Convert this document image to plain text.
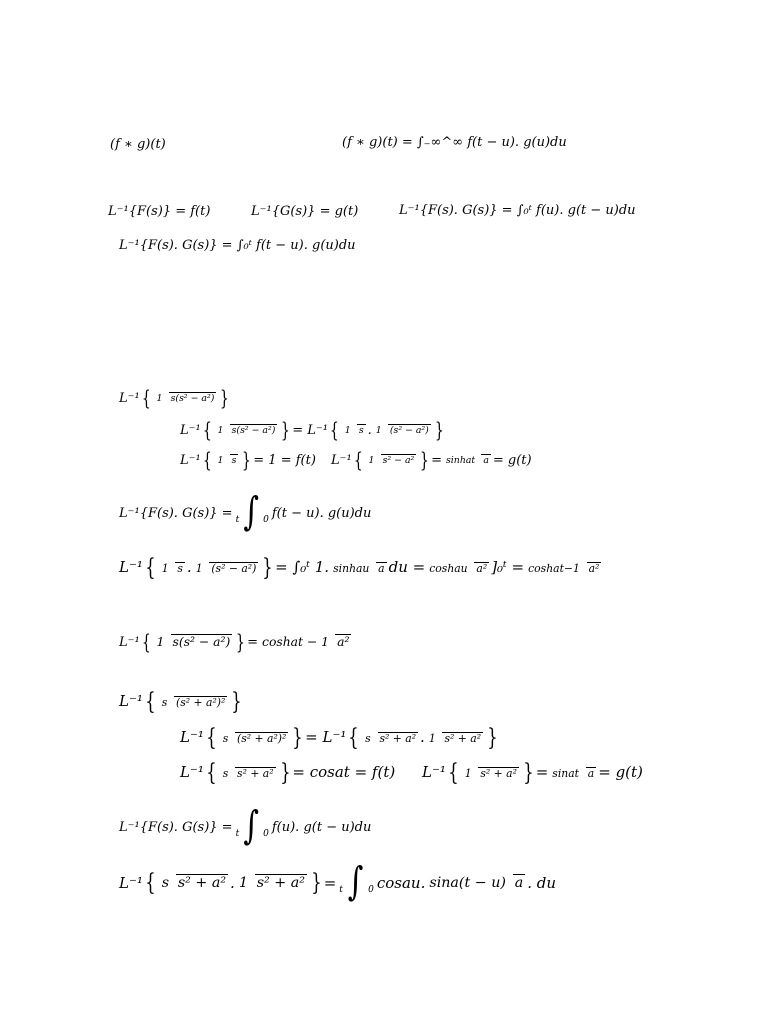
(𝑓 ∗ 𝑔)(𝑡)	(𝑓 ∗ 𝑔)(𝑡) = ∫₋∞^∞ 𝑓(𝑡 − 𝑢). 𝑔(𝑢)𝑑𝑢
𝐿⁻¹{𝐹(𝑠)} = 𝑓(𝑡)	𝐿⁻¹{𝐺(𝑠)} = 𝑔(𝑡)	𝐿⁻¹{𝐹(𝑠). 𝐺(𝑠)} = ∫₀ᵗ 𝑓(𝑢). 𝑔(𝑡 − 𝑢)𝑑𝑢
𝐿⁻¹{𝐹(𝑠). 𝐺(𝑠)} = ∫₀ᵗ 𝑓(𝑡 − 𝑢). 𝑔(𝑢)𝑑𝑢
𝐿⁻¹ { 1 𝑠(𝑠² − 𝑎²) }
𝐿⁻¹ { 1 𝑠(𝑠² − 𝑎²) } = 𝐿⁻¹ { 1 𝑠 . 1 (𝑠² − 𝑎²) }
𝐿⁻¹ { 1 𝑠 } = 1 = 𝑓(𝑡) 𝐿⁻¹ { 1 𝑠² − 𝑎² } = 𝑠𝑖𝑛ℎ𝑎𝑡 𝑎 = 𝑔(𝑡)
𝐿⁻¹{𝐹(𝑠). 𝐺(𝑠)} = 𝑡 ∫ 0 𝑓(𝑡 − 𝑢). 𝑔(𝑢)𝑑𝑢
𝐿⁻¹ { 1 𝑠 . 1 (𝑠² − 𝑎²) } = ∫₀ᵗ 1. 𝑠𝑖𝑛ℎ𝑎𝑢 𝑎 𝑑𝑢 = 𝑐𝑜𝑠ℎ𝑎𝑢 𝑎² ]₀ᵗ = 𝑐𝑜𝑠ℎ𝑎𝑡−1 𝑎²
𝐿⁻¹ { 1 𝑠(𝑠² − 𝑎²) } = 𝑐𝑜𝑠ℎ𝑎𝑡 − 1 𝑎²
𝐿⁻¹ { 𝑠 (𝑠² + 𝑎²)² }
𝐿⁻¹ { 𝑠 (𝑠² + 𝑎²)² } = 𝐿⁻¹ { 𝑠 𝑠² + 𝑎² . 1 𝑠² + 𝑎² }
𝐿⁻¹ { 𝑠 𝑠² + 𝑎² } = 𝑐𝑜𝑠𝑎𝑡 = 𝑓(𝑡) 𝐿⁻¹ { 1 𝑠² + 𝑎² } = 𝑠𝑖𝑛𝑎𝑡 𝑎 = 𝑔(𝑡)
𝐿⁻¹{𝐹(𝑠). 𝐺(𝑠)} = 𝑡 ∫ 0 𝑓(𝑢). 𝑔(𝑡 − 𝑢)𝑑𝑢
𝐿⁻¹ { 𝑠 𝑠² + 𝑎² . 1 𝑠² + 𝑎² } = 𝑡 ∫ 0 𝑐𝑜𝑠𝑎𝑢. 𝑠𝑖𝑛𝑎(𝑡 − 𝑢) 𝑎 . 𝑑𝑢
